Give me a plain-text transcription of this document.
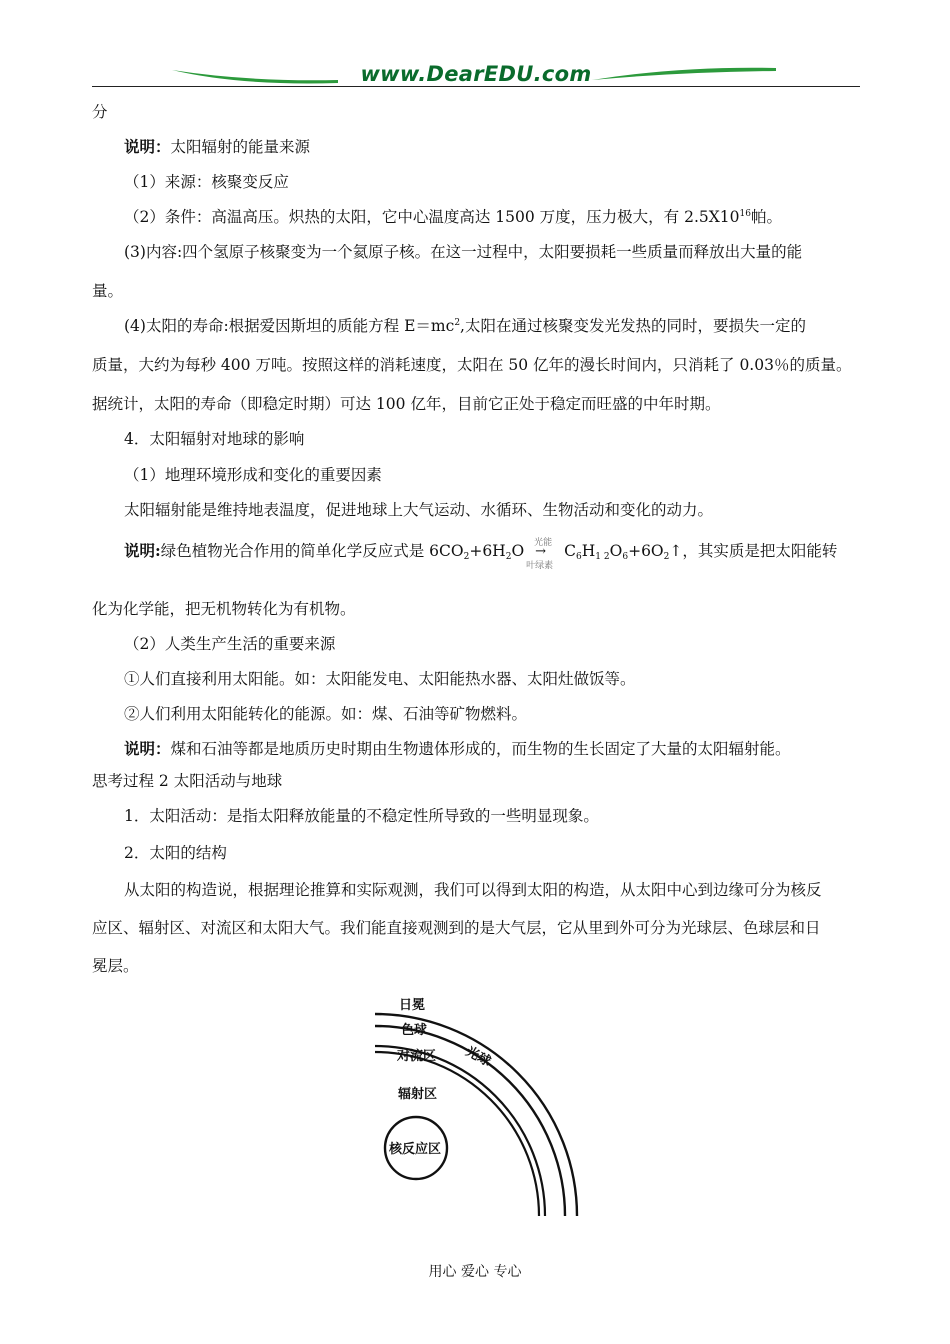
www.DearEDU.com
分
说明：太阳辐射的能量来源
（1）来源：核聚变反应
（2）条件：高温高压。炽热的太阳，它中心温度高达 1500 万度，压力极大，有 $2.5X10^{16}$帕。
(3)内容:四个氢原子核聚变为一个氦原子核。在这一过程中，太阳要损耗一些质量而释放出大量的能
量。
(4)太阳的寿命:根据爱因斯坦的质能方程 $E=mc^2$,太阳在通过核聚变发光发热的同时，要损失一定的
质量，大约为每秒 400 万吨。按照这样的消耗速度，太阳在 50 亿年的漫长时间内，只消耗了 0.03％的质量。
据统计，太阳的寿命（即稳定时期）可达 100 亿年，目前它正处于稳定而旺盛的中年时期。
4．太阳辐射对地球的影响
（1）地理环境形成和变化的重要因素
太阳辐射能是维持地表温度，促进地球上大气运动、水循环、生物活动和变化的动力。
说明:绿色植物光合作用的简单化学反应式是 $6CO_2+6H_2O$ 光能
→
叶绿素
$C_6H_{1 2}O_6+6O_2↑$，其实质是把太阳能转
化为化学能，把无机物转化为有机物。
（2）人类生产生活的重要来源
①人们直接利用太阳能。如：太阳能发电、太阳能热水器、太阳灶做饭等。
②人们利用太阳能转化的能源。如：煤、石油等矿物燃料。
说明：煤和石油等都是地质历史时期由生物遗体形成的，而生物的生长固定了大量的太阳辐射能。
思考过程 2 太阳活动与地球
1．太阳活动：是指太阳释放能量的不稳定性所导致的一些明显现象。
2．太阳的结构
从太阳的构造说，根据理论推算和实际观测，我们可以得到太阳的构造，从太阳中心到边缘可分为核反
应区、辐射区、对流区和太阳大气。我们能直接观测到的是大气层，它从里到外可分为光球层、色球层和日
冕层。
日冕
色球
对流区 光球
辐射区
核反应区
用心 爱心 专心
